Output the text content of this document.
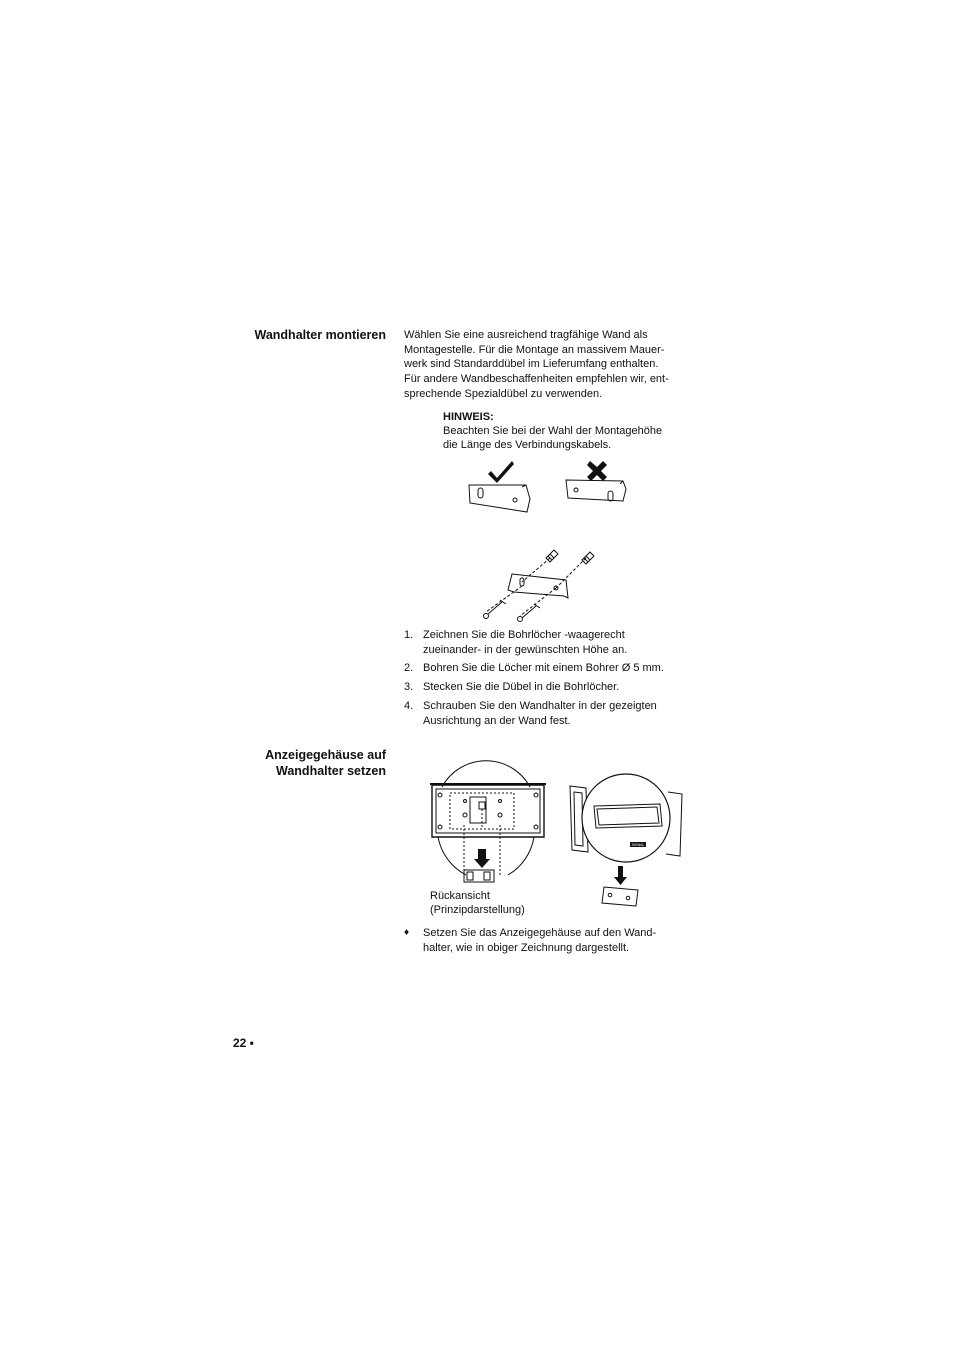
Wandhalter montieren Wählen Sie eine ausreichend tragfähige Wand als
Montagestelle. Für die Montage an massivem Mauer-
werk sind Standarddübel im Lieferumfang enthalten.
Für andere Wandbeschaffenheiten empfehlen wir, ent-
sprechende Spezialdübel zu verwenden.
HINWEIS:
Beachten Sie bei der Wahl der Montagehöhe
die Länge des Verbindungskabels.
1. Zeichnen Sie die Bohrlöcher -waagerecht
zueinander- in der gewünschten Höhe an.
2. Bohren Sie die Löcher mit einem Bohrer Ø 5 mm.
3. Stecken Sie die Dübel in die Bohrlöcher.
4. Schrauben Sie den Wandhalter in der gezeigten
Ausrichtung an der Wand fest.
Anzeigegehäuse auf
Wandhalter setzen
SIGNAL
Rückansicht
(Prinzipdarstellung)
♦ Setzen Sie das Anzeigegehäuse auf den Wand-
halter, wie in obiger Zeichnung dargestellt.
22 •
